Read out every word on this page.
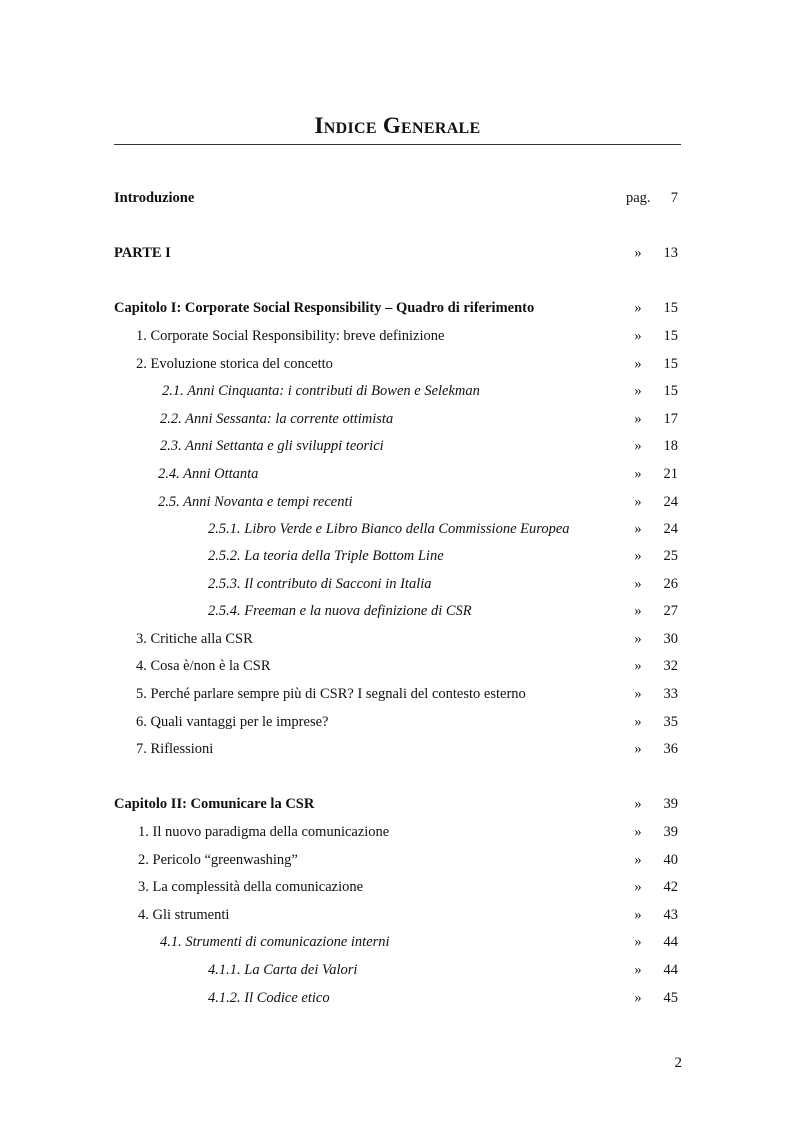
Indice Generale
Introduzione	pag.	7
PARTE I	»	13
Capitolo I: Corporate Social Responsibility – Quadro di riferimento	»	15
1. Corporate Social Responsibility: breve definizione	»	15
2. Evoluzione storica del concetto	»	15
2.1. Anni Cinquanta: i contributi di Bowen e Selekman	»	15
2.2. Anni Sessanta: la corrente ottimista	»	17
2.3. Anni Settanta e gli sviluppi teorici	»	18
2.4. Anni Ottanta	»	21
2.5. Anni Novanta e tempi recenti	»	24
2.5.1. Libro Verde e Libro Bianco della Commissione Europea	»	24
2.5.2. La teoria della Triple Bottom Line	»	25
2.5.3. Il contributo di Sacconi in Italia	»	26
2.5.4. Freeman e la nuova definizione di CSR	»	27
3. Critiche alla CSR	»	30
4. Cosa è/non è la CSR	»	32
5. Perché parlare sempre più di CSR? I segnali del contesto esterno	»	33
6. Quali vantaggi per le imprese?	»	35
7. Riflessioni	»	36
Capitolo II: Comunicare la CSR	»	39
1. Il nuovo paradigma della comunicazione	»	39
2. Pericolo “greenwashing”	»	40
3. La complessità della comunicazione	»	42
4. Gli strumenti	»	43
4.1. Strumenti di comunicazione interni	»	44
4.1.1. La Carta dei Valori	»	44
4.1.2. Il Codice etico	»	45
2
